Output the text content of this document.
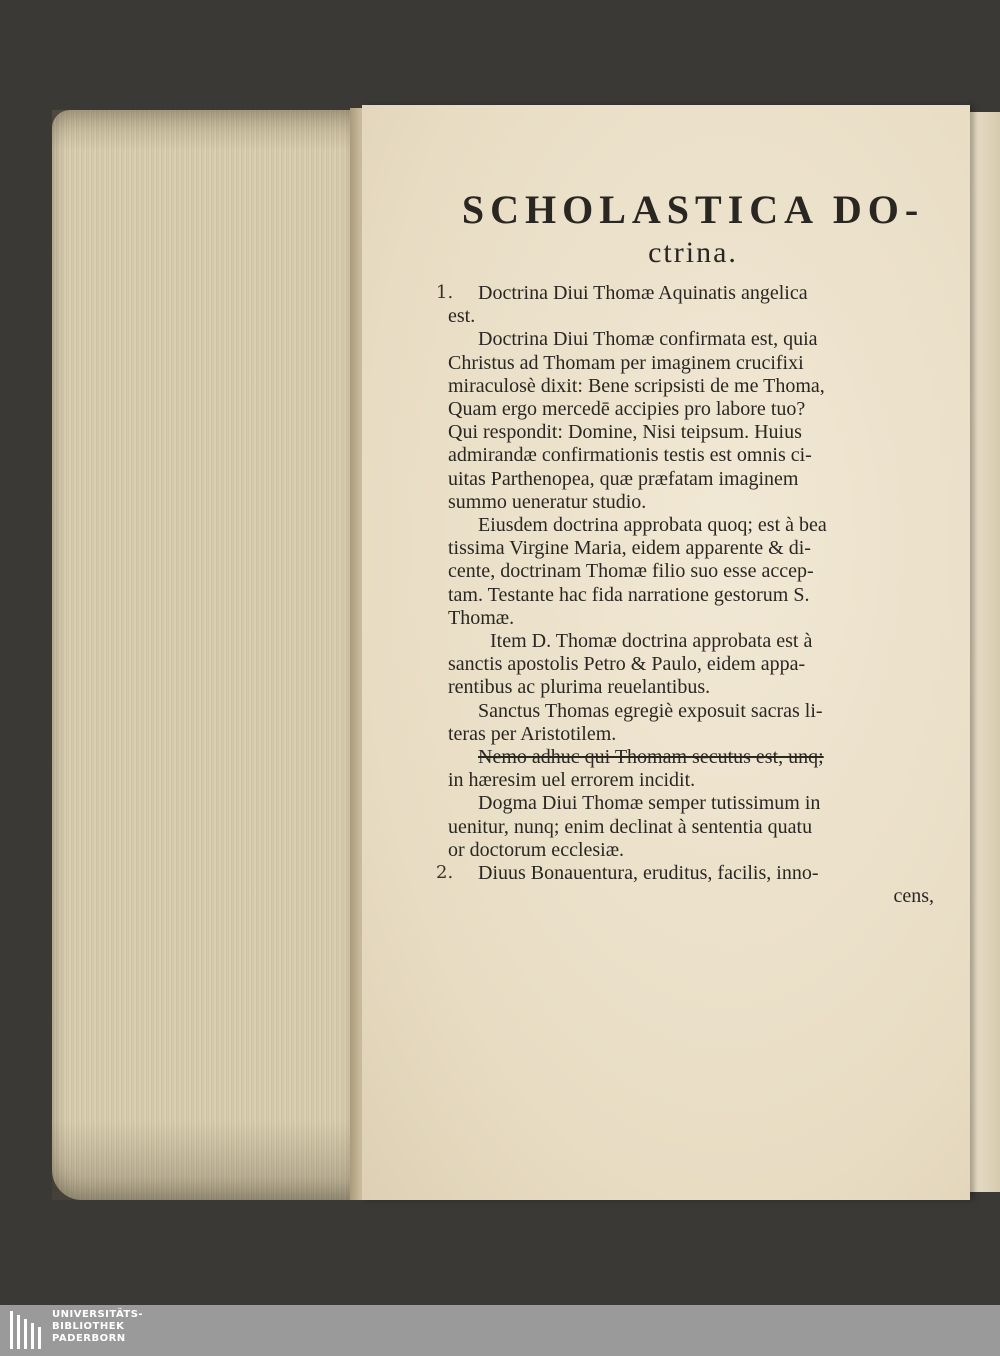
SCHOLASTICA DO-
ctrina.
1.	Doctrina Diui Thomæ Aquinatis angelica
est.
Doctrina Diui Thomæ confirmata est, quia
Christus ad Thomam per imaginem crucifixi
miraculosè dixit: Bene scripsisti de me Thoma,
Quam ergo mercedē accipies pro labore tuo?
Qui respondit: Domine, Nisi teipsum. Huius
admirandæ confirmationis testis est omnis ci-
uitas Parthenopea, quæ præfatam imaginem
summo ueneratur studio.
Eiusdem doctrina approbata quoq; est à bea
tissima Virgine Maria, eidem apparente & di-
cente, doctrinam Thomæ filio suo esse accep-
tam. Testante hac fida narratione gestorum S.
Thomæ.
Item D. Thomæ doctrina approbata est à
sanctis apostolis Petro & Paulo, eidem appa-
rentibus ac plurima reuelantibus.
Sanctus Thomas egregiè exposuit sacras li-
teras per Aristotilem.
Nemo adhuc qui Thomam secutus est, unq;
in hæresim uel errorem incidit.
Dogma Diui Thomæ semper tutissimum in
uenitur, nunq; enim declinat à sententia quatu
or doctorum ecclesiæ.
2.	Diuus Bonauentura, eruditus, facilis, inno-
cens,
UNIVERSITÄTS-
BIBLIOTHEK
PADERBORN
